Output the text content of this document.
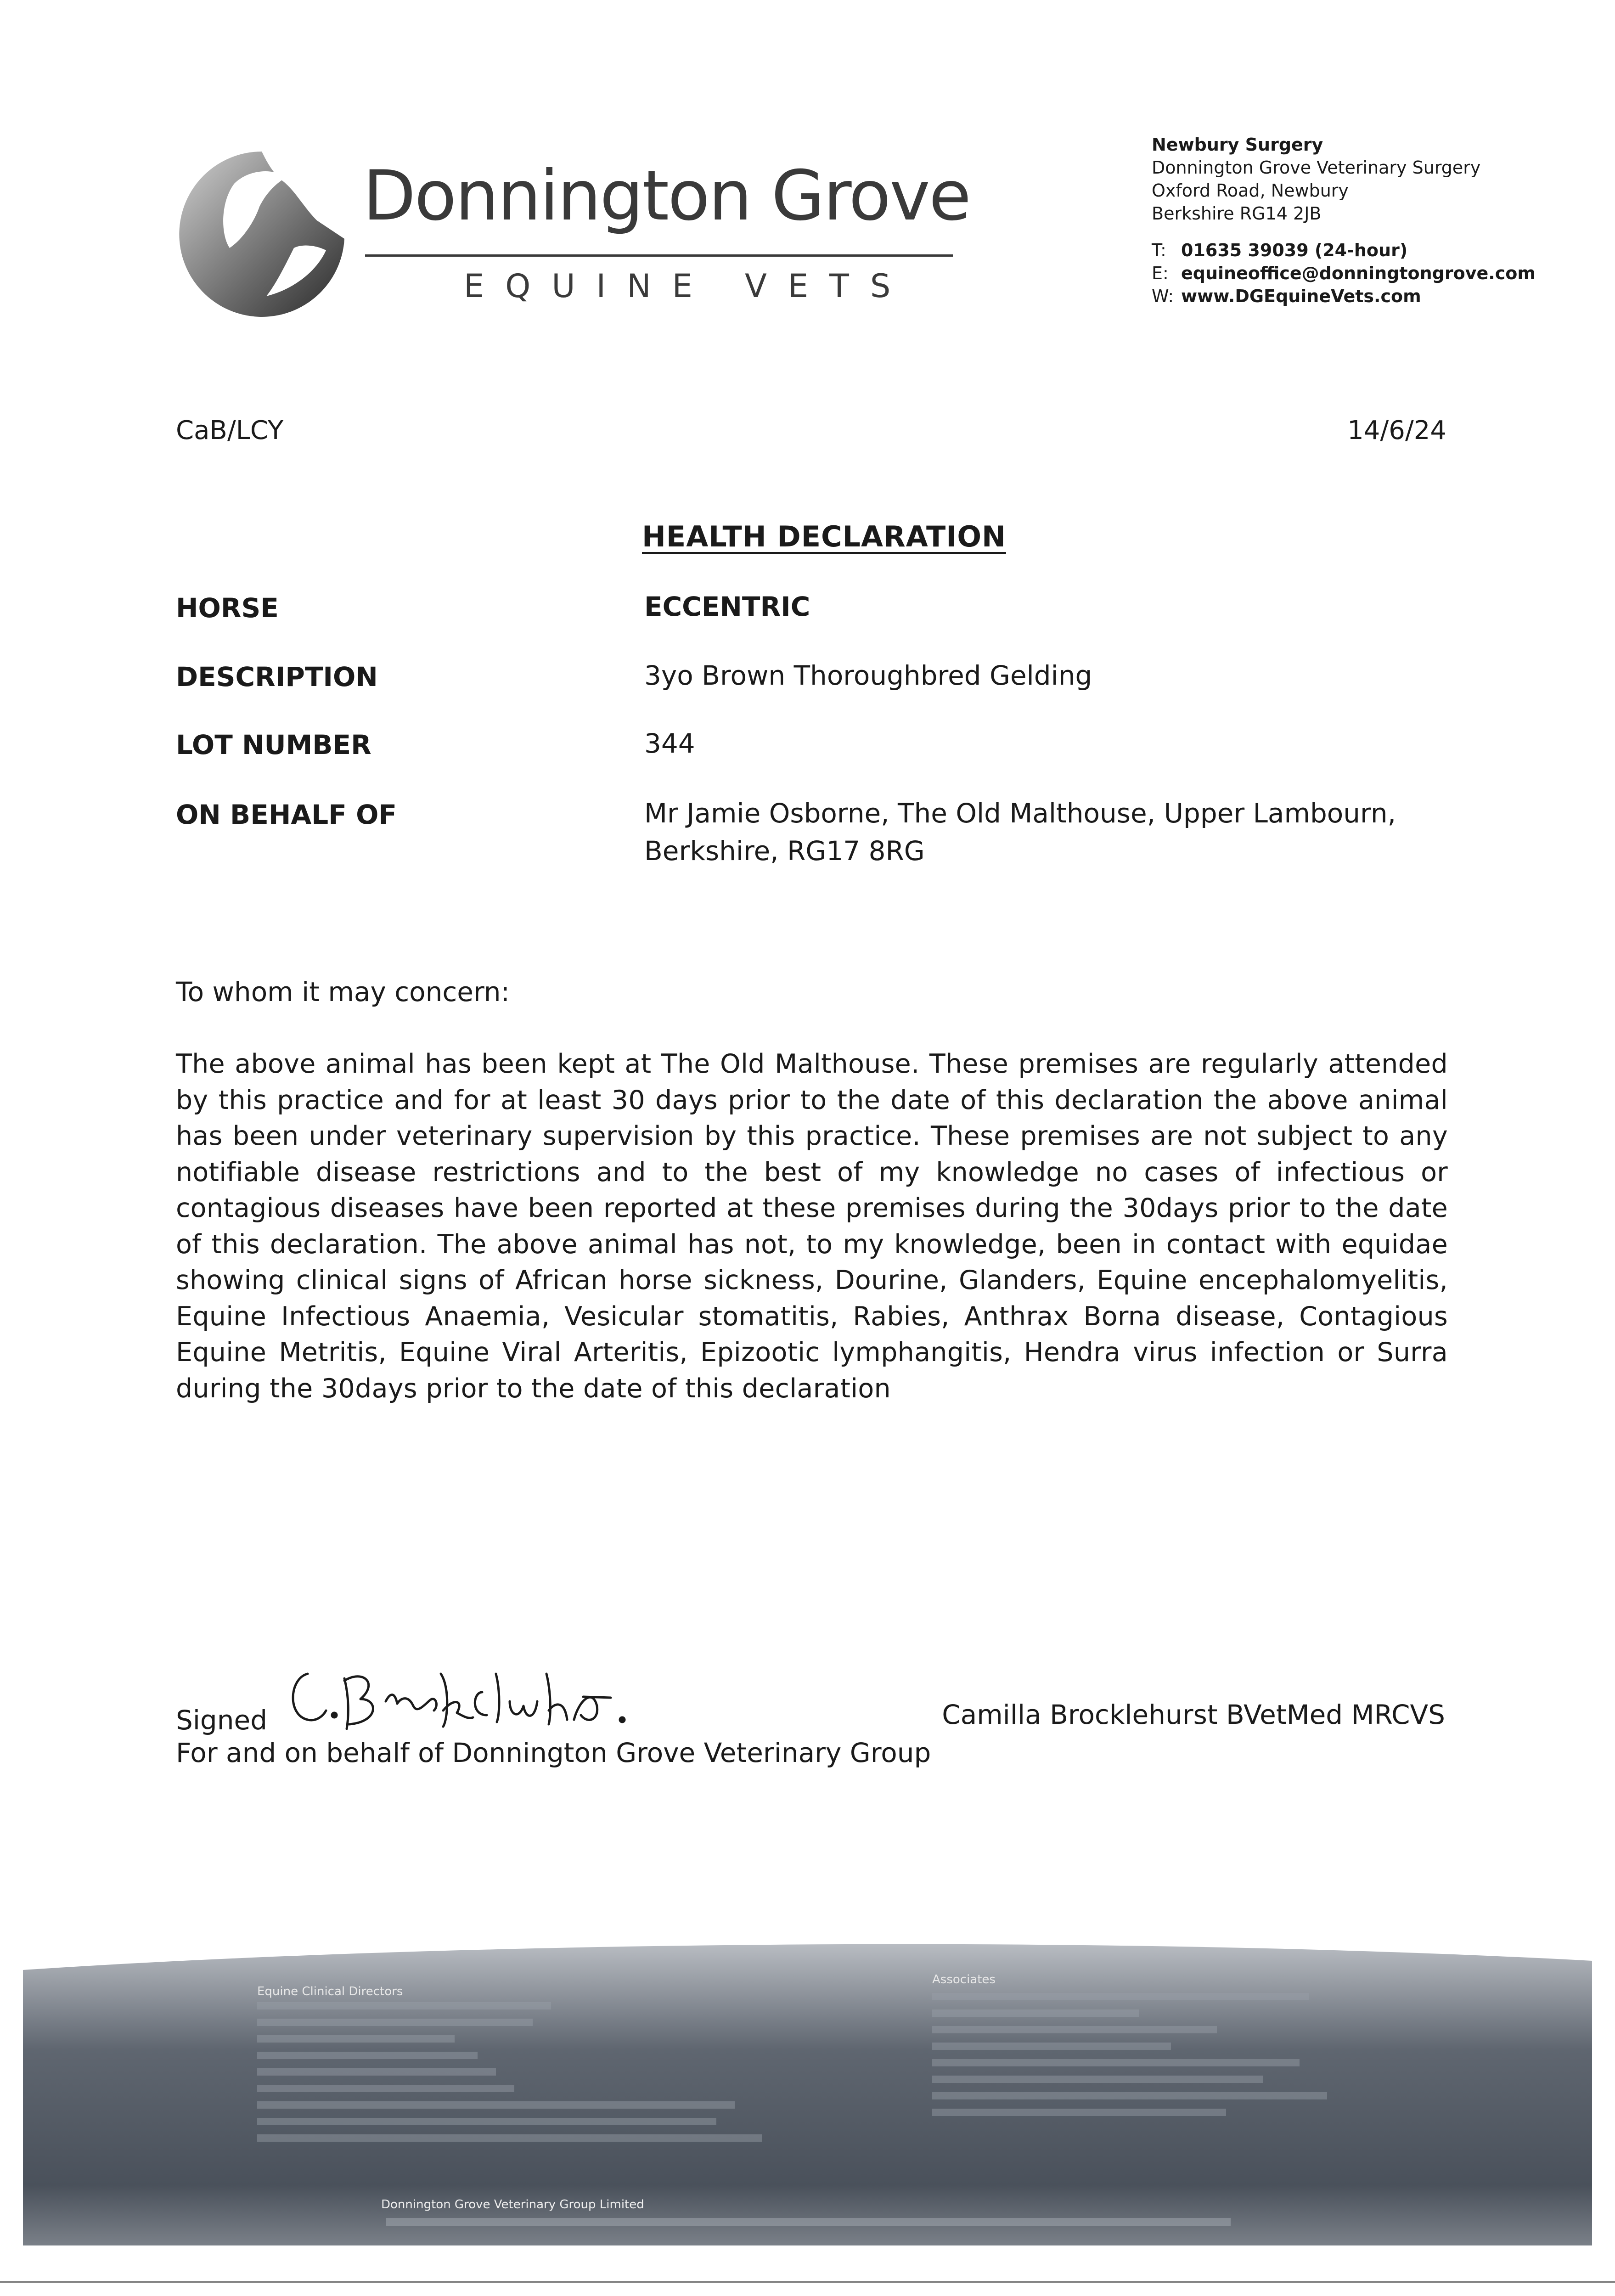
Donnington Grove
EQUINE VETS
Newbury Surgery
Donnington Grove Veterinary Surgery
Oxford Road, Newbury
Berkshire RG14 2JB
T: 01635 39039 (24-hour)
E: equineoffice@donningtongrove.com
W: www.DGEquineVets.com
CaB/LCY	14/6/24
HEALTH DECLARATION
HORSE	ECCENTRIC
DESCRIPTION	3yo Brown Thoroughbred Gelding
LOT NUMBER	344
ON BEHALF OF	Mr Jamie Osborne, The Old Malthouse, Upper Lambourn,
Berkshire, RG17 8RG
To whom it may concern:
The above animal has been kept at The Old Malthouse. These premises are regularly attended by this practice and for at least 30 days prior to the date of this declaration the above animal has been under veterinary supervision by this practice. These premises are not subject to any notifiable disease restrictions and to the best of my knowledge no cases of infectious or contagious diseases have been reported at these premises during the 30days prior to the date of this declaration. The above animal has not, to my knowledge, been in contact with equidae showing clinical signs of African horse sickness, Dourine, Glanders, Equine encephalomyelitis, Equine Infectious Anaemia, Vesicular stomatitis, Rabies, Anthrax Borna disease, Contagious Equine Metritis, Equine Viral Arteritis, Epizootic lymphangitis, Hendra virus infection or Surra during the 30days prior to the date of this declaration
Signed	Camilla Brocklehurst BVetMed MRCVS
For and on behalf of Donnington Grove Veterinary Group
Equine Clinical Directors
Associates
Donnington Grove Veterinary Group Limited
